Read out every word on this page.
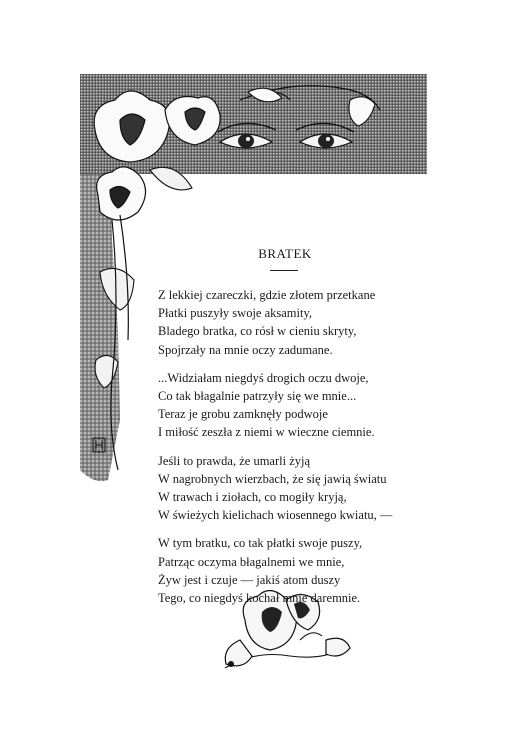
BRATEK
Z lekkiej czareczki, gdzie złotem przetkane
Płatki puszyły swoje aksamity,
Bladego bratka, co rósł w cieniu skryty,
Spojrzały na mnie oczy zadumane.
...Widziałam niegdyś drogich oczu dwoje,
Co tak błagalnie patrzyły się we mnie...
Teraz je grobu zamknęły podwoje
I miłość zeszła z niemi w wieczne ciemnie.
Jeśli to prawda, że umarli żyją
W nagrobnych wierzbach, że się jawią światu
W trawach i ziołach, co mogiły kryją,
W świeżych kielichach wiosennego kwiatu, —
W tym bratku, co tak płatki swoje puszy,
Patrząc oczyma błagalnemi we mnie,
Żyw jest i czuje — jakiś atom duszy
Tego, co niegdyś kochał mnie daremnie.
